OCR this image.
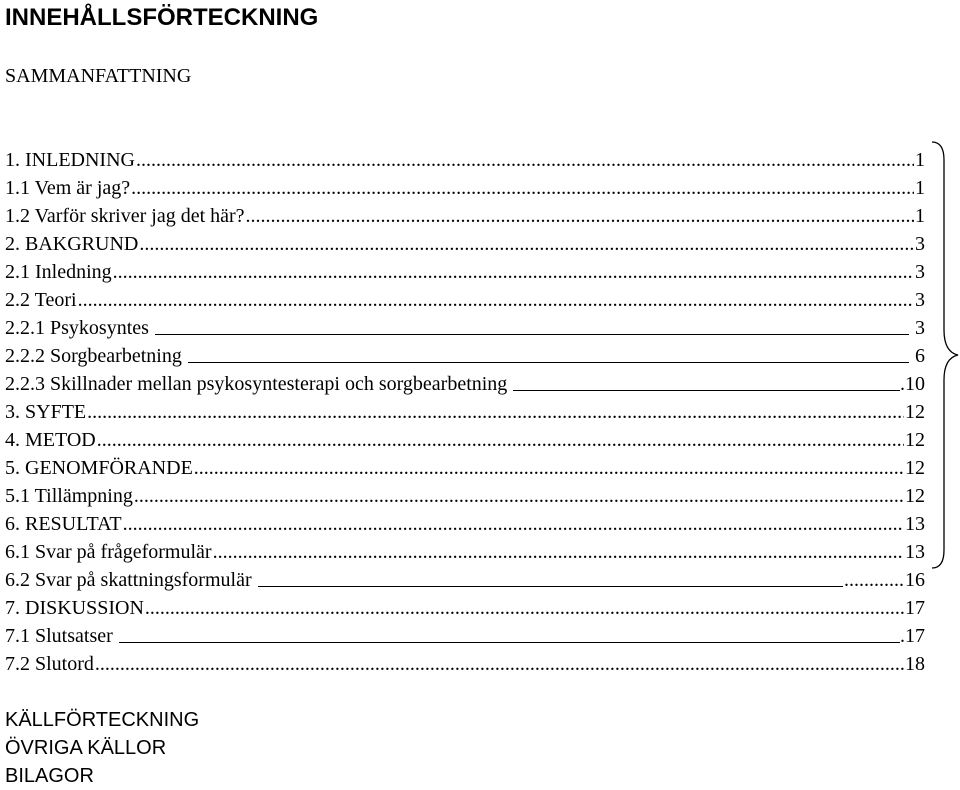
INNEHÅLLSFÖRTECKNING
SAMMANFATTNING
1. INLEDNING .....	1
1.1 Vem är jag? .....	1
1.2 Varför skriver jag det här? .....	1
2. BAKGRUND .....	3
2.1 Inledning .....	3
2.2 Teori .....	3
2.2.1 Psykosyntes	3
2.2.2 Sorgbearbetning	6
2.2.3 Skillnader mellan psykosyntesterapi och sorgbearbetning	.10
3. SYFTE .....	12
4. METOD .....	12
5. GENOMFÖRANDE .....	12
5.1 Tillämpning .....	12
6. RESULTAT .....	13
6.1 Svar på frågeformulär .....	13
6.2 Svar på skattningsformulär .....	16
7. DISKUSSION .....	17
7.1 Slutsatser	.17
7.2 Slutord .....	18
KÄLLFÖRTECKNING
ÖVRIGA KÄLLOR
BILAGOR
